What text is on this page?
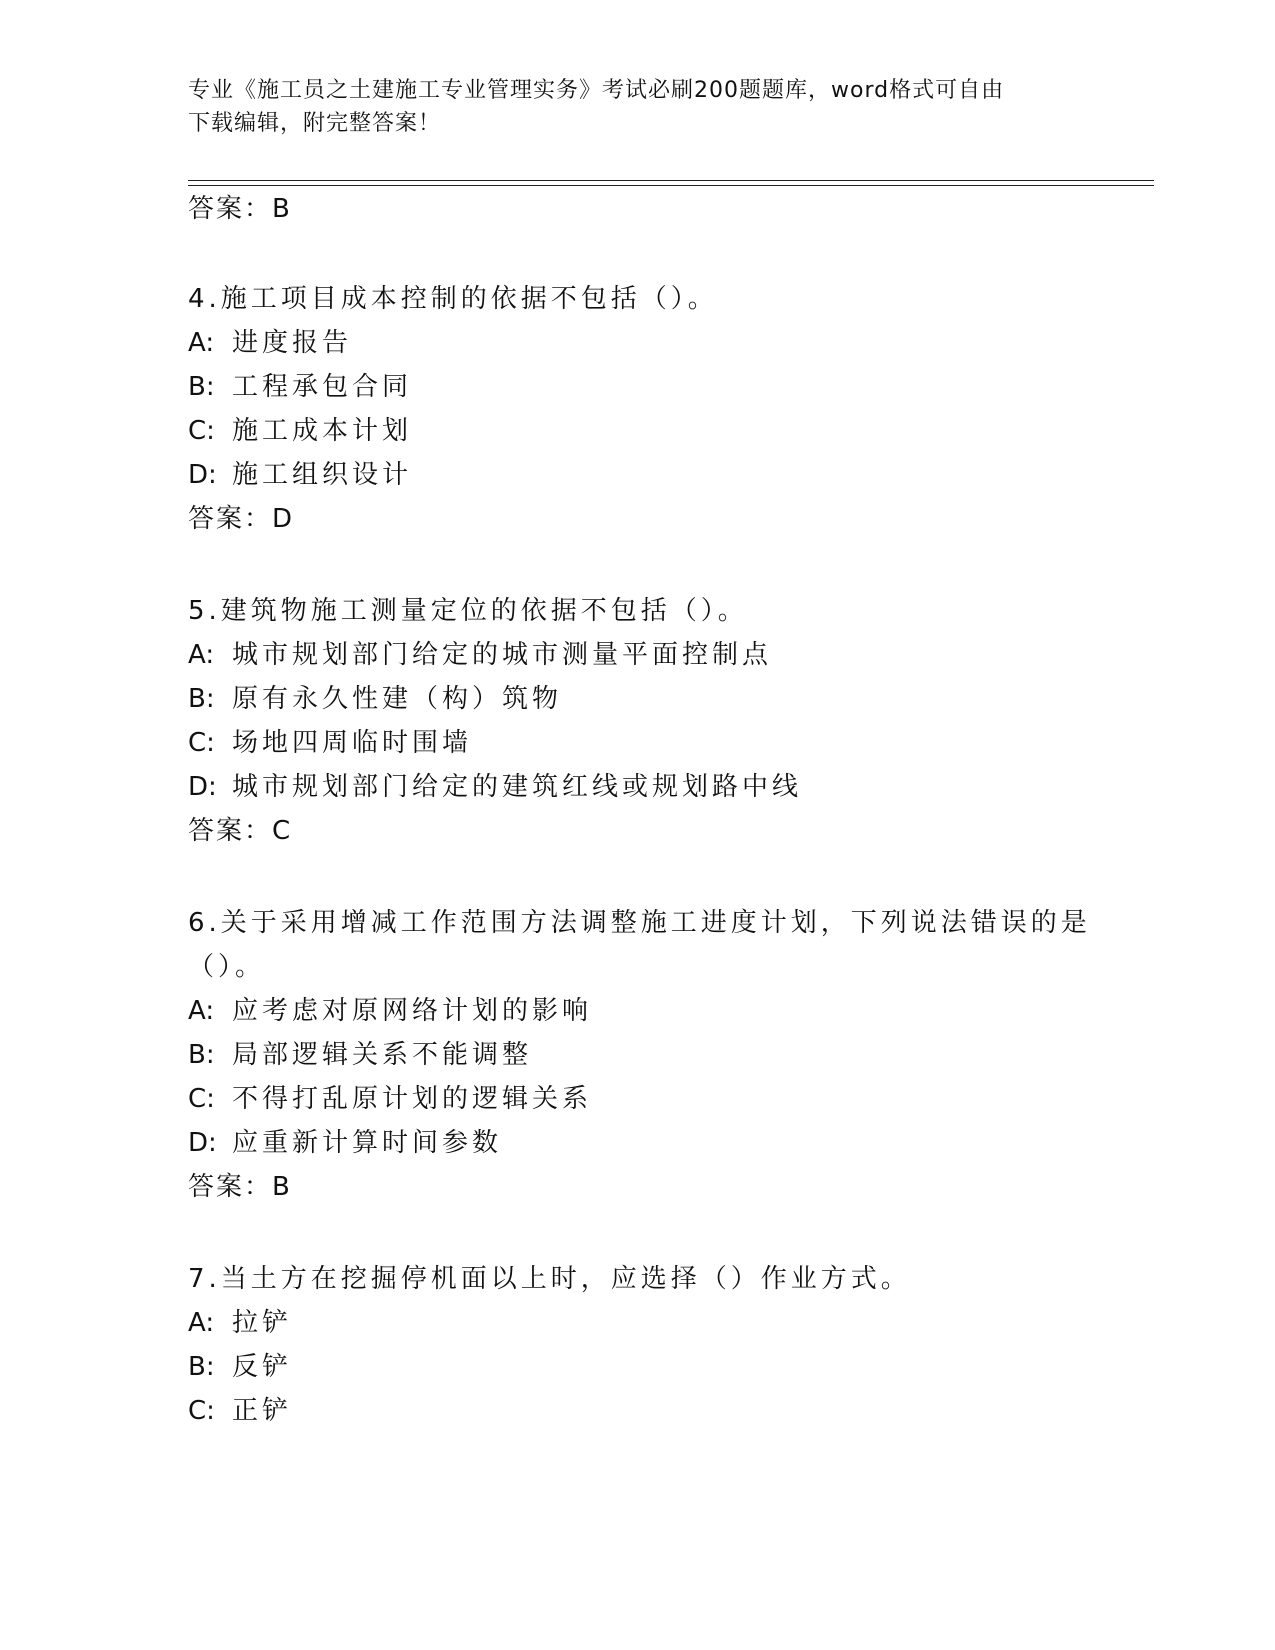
专业《施工员之土建施工专业管理实务》考试必刷200题题库，word格式可自由
下载编辑，附完整答案！
答案：B
4.施工项目成本控制的依据不包括（）。
A: 进度报告
B: 工程承包合同
C: 施工成本计划
D: 施工组织设计
答案：D
5.建筑物施工测量定位的依据不包括（）。
A: 城市规划部门给定的城市测量平面控制点
B: 原有永久性建（构）筑物
C: 场地四周临时围墙
D: 城市规划部门给定的建筑红线或规划路中线
答案：C
6.关于采用增减工作范围方法调整施工进度计划，下列说法错误的是
（）。
A: 应考虑对原网络计划的影响
B: 局部逻辑关系不能调整
C: 不得打乱原计划的逻辑关系
D: 应重新计算时间参数
答案：B
7.当土方在挖掘停机面以上时，应选择（）作业方式。
A: 拉铲
B: 反铲
C: 正铲
